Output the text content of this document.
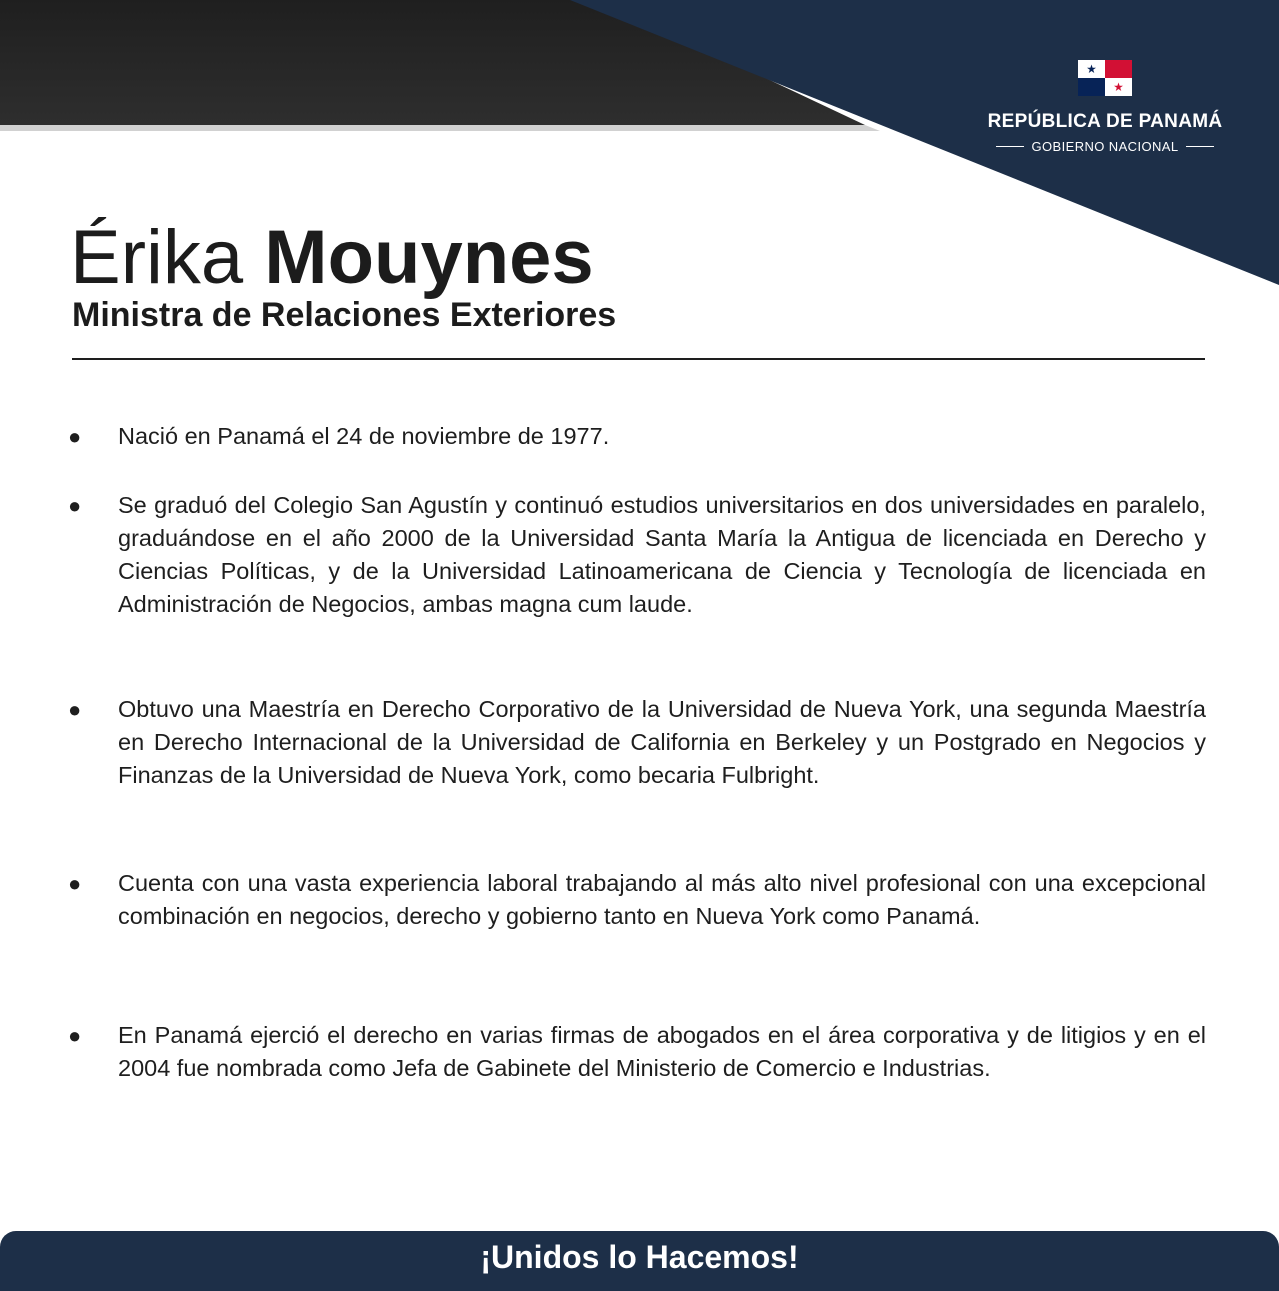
REPÚBLICA DE PANAMÁ
GOBIERNO NACIONAL
Érika Mouynes
Ministra de Relaciones Exteriores
●	Nació en Panamá el 24 de noviembre de 1977.
●	Se graduó del Colegio San Agustín y continuó estudios universitarios en dos universidades en paralelo, graduándose en el año 2000 de la Universidad Santa María la Antigua de licenciada en Derecho y Ciencias Políticas, y de la Universidad Latinoamericana de Ciencia y Tecnología de licenciada en Administración de Negocios, ambas magna cum laude.
●	Obtuvo una Maestría en Derecho Corporativo de la Universidad de Nueva York, una segunda Maestría en Derecho Internacional de la Universidad de California en Berkeley y un Postgrado en Negocios y Finanzas de la Universidad de Nueva York, como becaria Fulbright.
●	Cuenta con una vasta experiencia laboral trabajando al más alto nivel profesional con una excepcional combinación en negocios, derecho y gobierno tanto en Nueva York como Panamá.
●	En Panamá ejerció el derecho en varias firmas de abogados en el área corporativa y de litigios y en el 2004 fue nombrada como Jefa de Gabinete del Ministerio de Comercio e Industrias.
¡Unidos lo Hacemos!
